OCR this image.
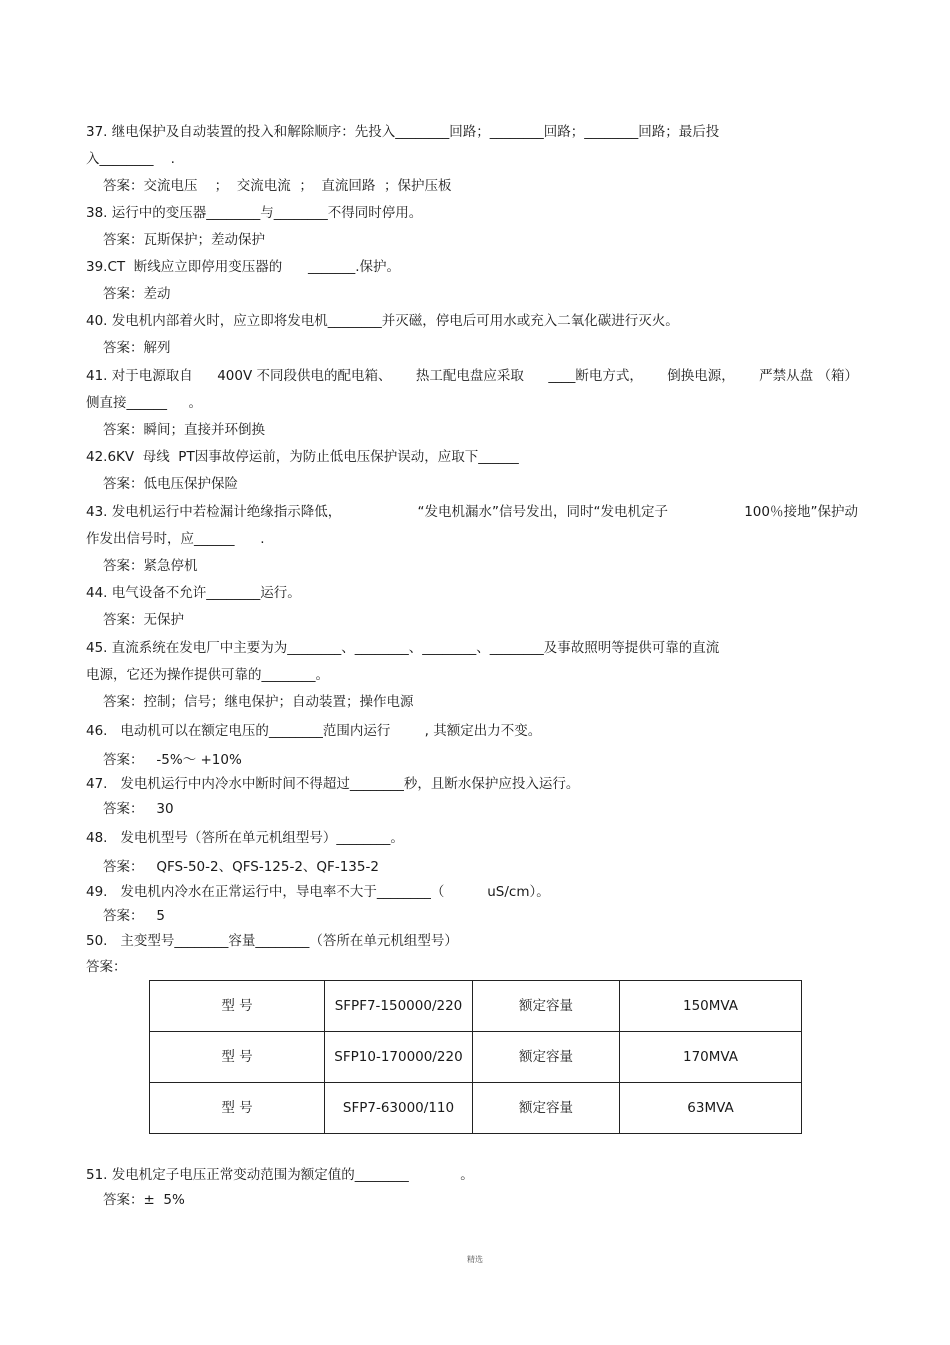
37. 继电保护及自动装置的投入和解除顺序：先投入________回路；________回路；________回路；最后投
入________    .
答案：交流电压    ；  交流电流  ；  直流回路  ；保护压板
38. 运行中的变压器________与________不得同时停用。
答案：瓦斯保护；差动保护
39.CT  断线应立即停用变压器的      _______.保护。
答案：差动
40. 发电机内部着火时，应立即将发电机________并灭磁，停电后可用水或充入二氧化碳进行灭火。
答案：解列
41. 对于电源取自 400V 不同段供电的配电箱、 热工配电盘应采取 ____断电方式， 倒换电源， 严禁从盘 （箱）
侧直接______     。
答案：瞬间；直接并环倒换
42.6KV  母线  PT因事故停运前，为防止低电压保护误动，应取下______
答案：低电压保护保险
43. 发电机运行中若检漏计绝缘指示降低，	“发电机漏水”信号发出，同时“发电机定子	100％接地”保护动
作发出信号时，应______      .
答案：紧急停机
44. 电气设备不允许________运行。
答案：无保护
45. 直流系统在发电厂中主要为为________、________、________、________及事故照明等提供可靠的直流
电源，它还为操作提供可靠的________。
答案：控制；信号；继电保护；自动装置；操作电源
46.   电动机可以在额定电压的________范围内运行        , 其额定出力不变。
答案：   -5%～ +10%
47.   发电机运行中内冷水中断时间不得超过________秒，且断水保护应投入运行。
答案：   30
48.   发电机型号（答所在单元机组型号）________。
答案：   QFS-50-2、QFS-125-2、QF-135-2
49.   发电机内冷水在正常运行中，导电率不大于________（          uS/cm）。
答案：   5
50.   主变型号________容量________（答所在单元机组型号）
答案：
型 号	SFPF7-150000/220	额定容量	150MVA
型 号	SFP10-170000/220	额定容量	170MVA
型 号	SFP7-63000/110	额定容量	63MVA
51. 发电机定子电压正常变动范围为额定值的________            。
答案：±  5%
精选
